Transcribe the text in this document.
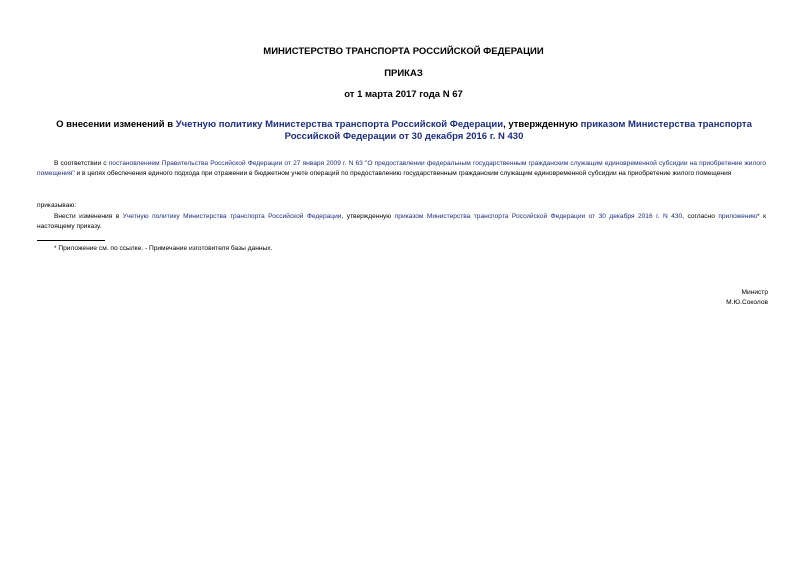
МИНИСТЕРСТВО ТРАНСПОРТА РОССИЙСКОЙ ФЕДЕРАЦИИ
ПРИКАЗ
от 1 марта 2017 года N 67
О внесении изменений в Учетную политику Министерства транспорта Российской Федерации, утвержденную приказом Министерства транспорта Российской Федерации от 30 декабря 2016 г. N 430
В соответствии с постановлением Правительства Российской Федерации от 27 января 2009 г. N 63 "О предоставлении федеральным государственным гражданским служащим единовременной субсидии на приобретение жилого помещения" и в целях обеспечения единого подхода при отражении в бюджетном учете операций по предоставлению государственным гражданским служащим единовременной субсидии на приобретение жилого помещения
приказываю:
Внести изменения в Учетную политику Министерства транспорта Российской Федерации, утвержденную приказом Министерства транспорта Российской Федерации от 30 декабря 2016 г. N 430, согласно приложению* к настоящему приказу.
* Приложение см. по ссылке. - Примечание изготовителя базы данных.
Министр
М.Ю.Соколов
